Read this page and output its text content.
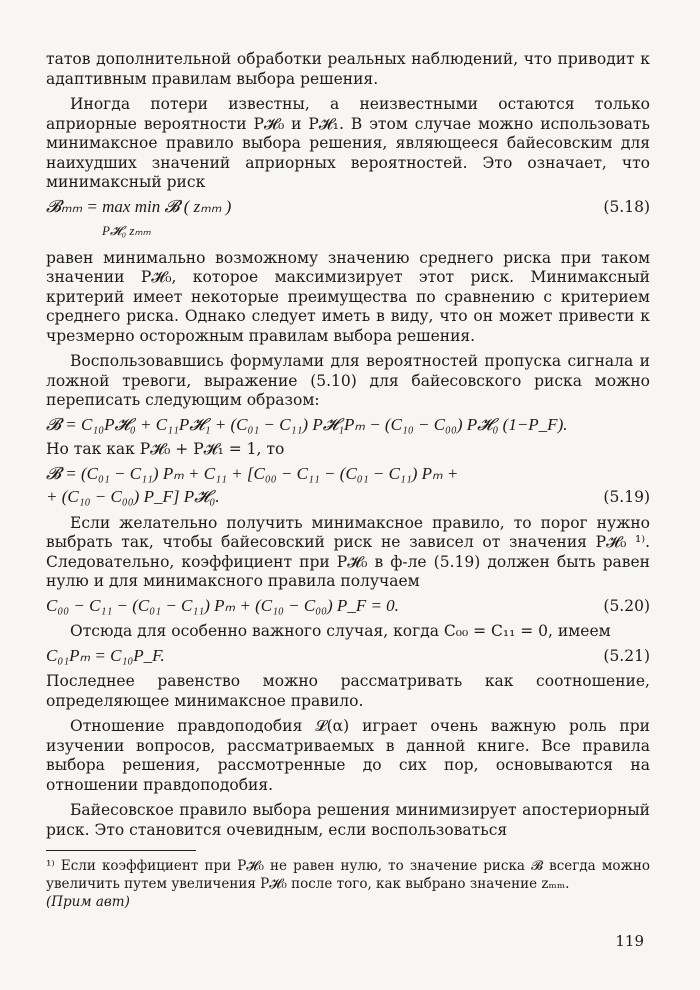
татов дополнительной обработки реальных наблюдений, что приводит к адаптивным правилам выбора решения.

Иногда потери известны, а неизвестными остаются только априорные вероятности P𝓗₀ и P𝓗₁. В этом случае можно использовать минимаксное правило выбора решения, являющееся байесовским для наихудших значений априорных вероятностей. Это означает, что минимаксный риск

𝓑ₘₘ = max min 𝓑 ( zₘₘ )	(5.18)
P𝓗₀ zₘₘ

равен минимально возможному значению среднего риска при таком значении P𝓗₀, которое максимизирует этот риск. Минимаксный критерий имеет некоторые преимущества по сравнению с критерием среднего риска. Однако следует иметь в виду, что он может привести к чрезмерно осторожным правилам выбора решения.

Воспользовавшись формулами для вероятностей пропуска сигнала и ложной тревоги, выражение (5.10) для байесовского риска можно переписать следующим образом:

𝓑 = C₁₀P𝓗₀ + C₁₁P𝓗₁ + (C₀₁ − C₁₁) P𝓗₁Pₘ − (C₁₀ − C₀₀) P𝓗₀ (1−P_F).

Но так как P𝓗₀ + P𝓗₁ = 1, то

𝓑 = (C₀₁ − C₁₁) Pₘ + C₁₁ + [C₀₀ − C₁₁ − (C₀₁ − C₁₁) Pₘ +
+ (C₁₀ − C₀₀) P_F] P𝓗₀.	(5.19)

Если желательно получить минимаксное правило, то порог нужно выбрать так, чтобы байесовский риск не зависел от значения P𝓗₀ ¹⁾. Следовательно, коэффициент при P𝓗₀ в ф-ле (5.19) должен быть равен нулю и для минимаксного правила получаем

C₀₀ − C₁₁ − (C₀₁ − C₁₁) Pₘ + (C₁₀ − C₀₀) P_F = 0.	(5.20)

Отсюда для особенно важного случая, когда C₀₀ = C₁₁ = 0, имеем

C₀₁Pₘ = C₁₀P_F.	(5.21)

Последнее равенство можно рассматривать как соотношение, определяющее минимаксное правило.

Отношение правдоподобия 𝓛(α) играет очень важную роль при изучении вопросов, рассматриваемых в данной книге. Все правила выбора решения, рассмотренные до сих пор, основываются на отношении правдоподобия.

Байесовское правило выбора решения минимизирует апостериорный риск. Это становится очевидным, если воспользоваться

¹⁾ Если коэффициент при P𝓗₀ не равен нулю, то значение риска 𝓑 всегда можно увеличить путем увеличения P𝓗₀ после того, как выбрано значение zₘₘ.

(Прим авт)

119
